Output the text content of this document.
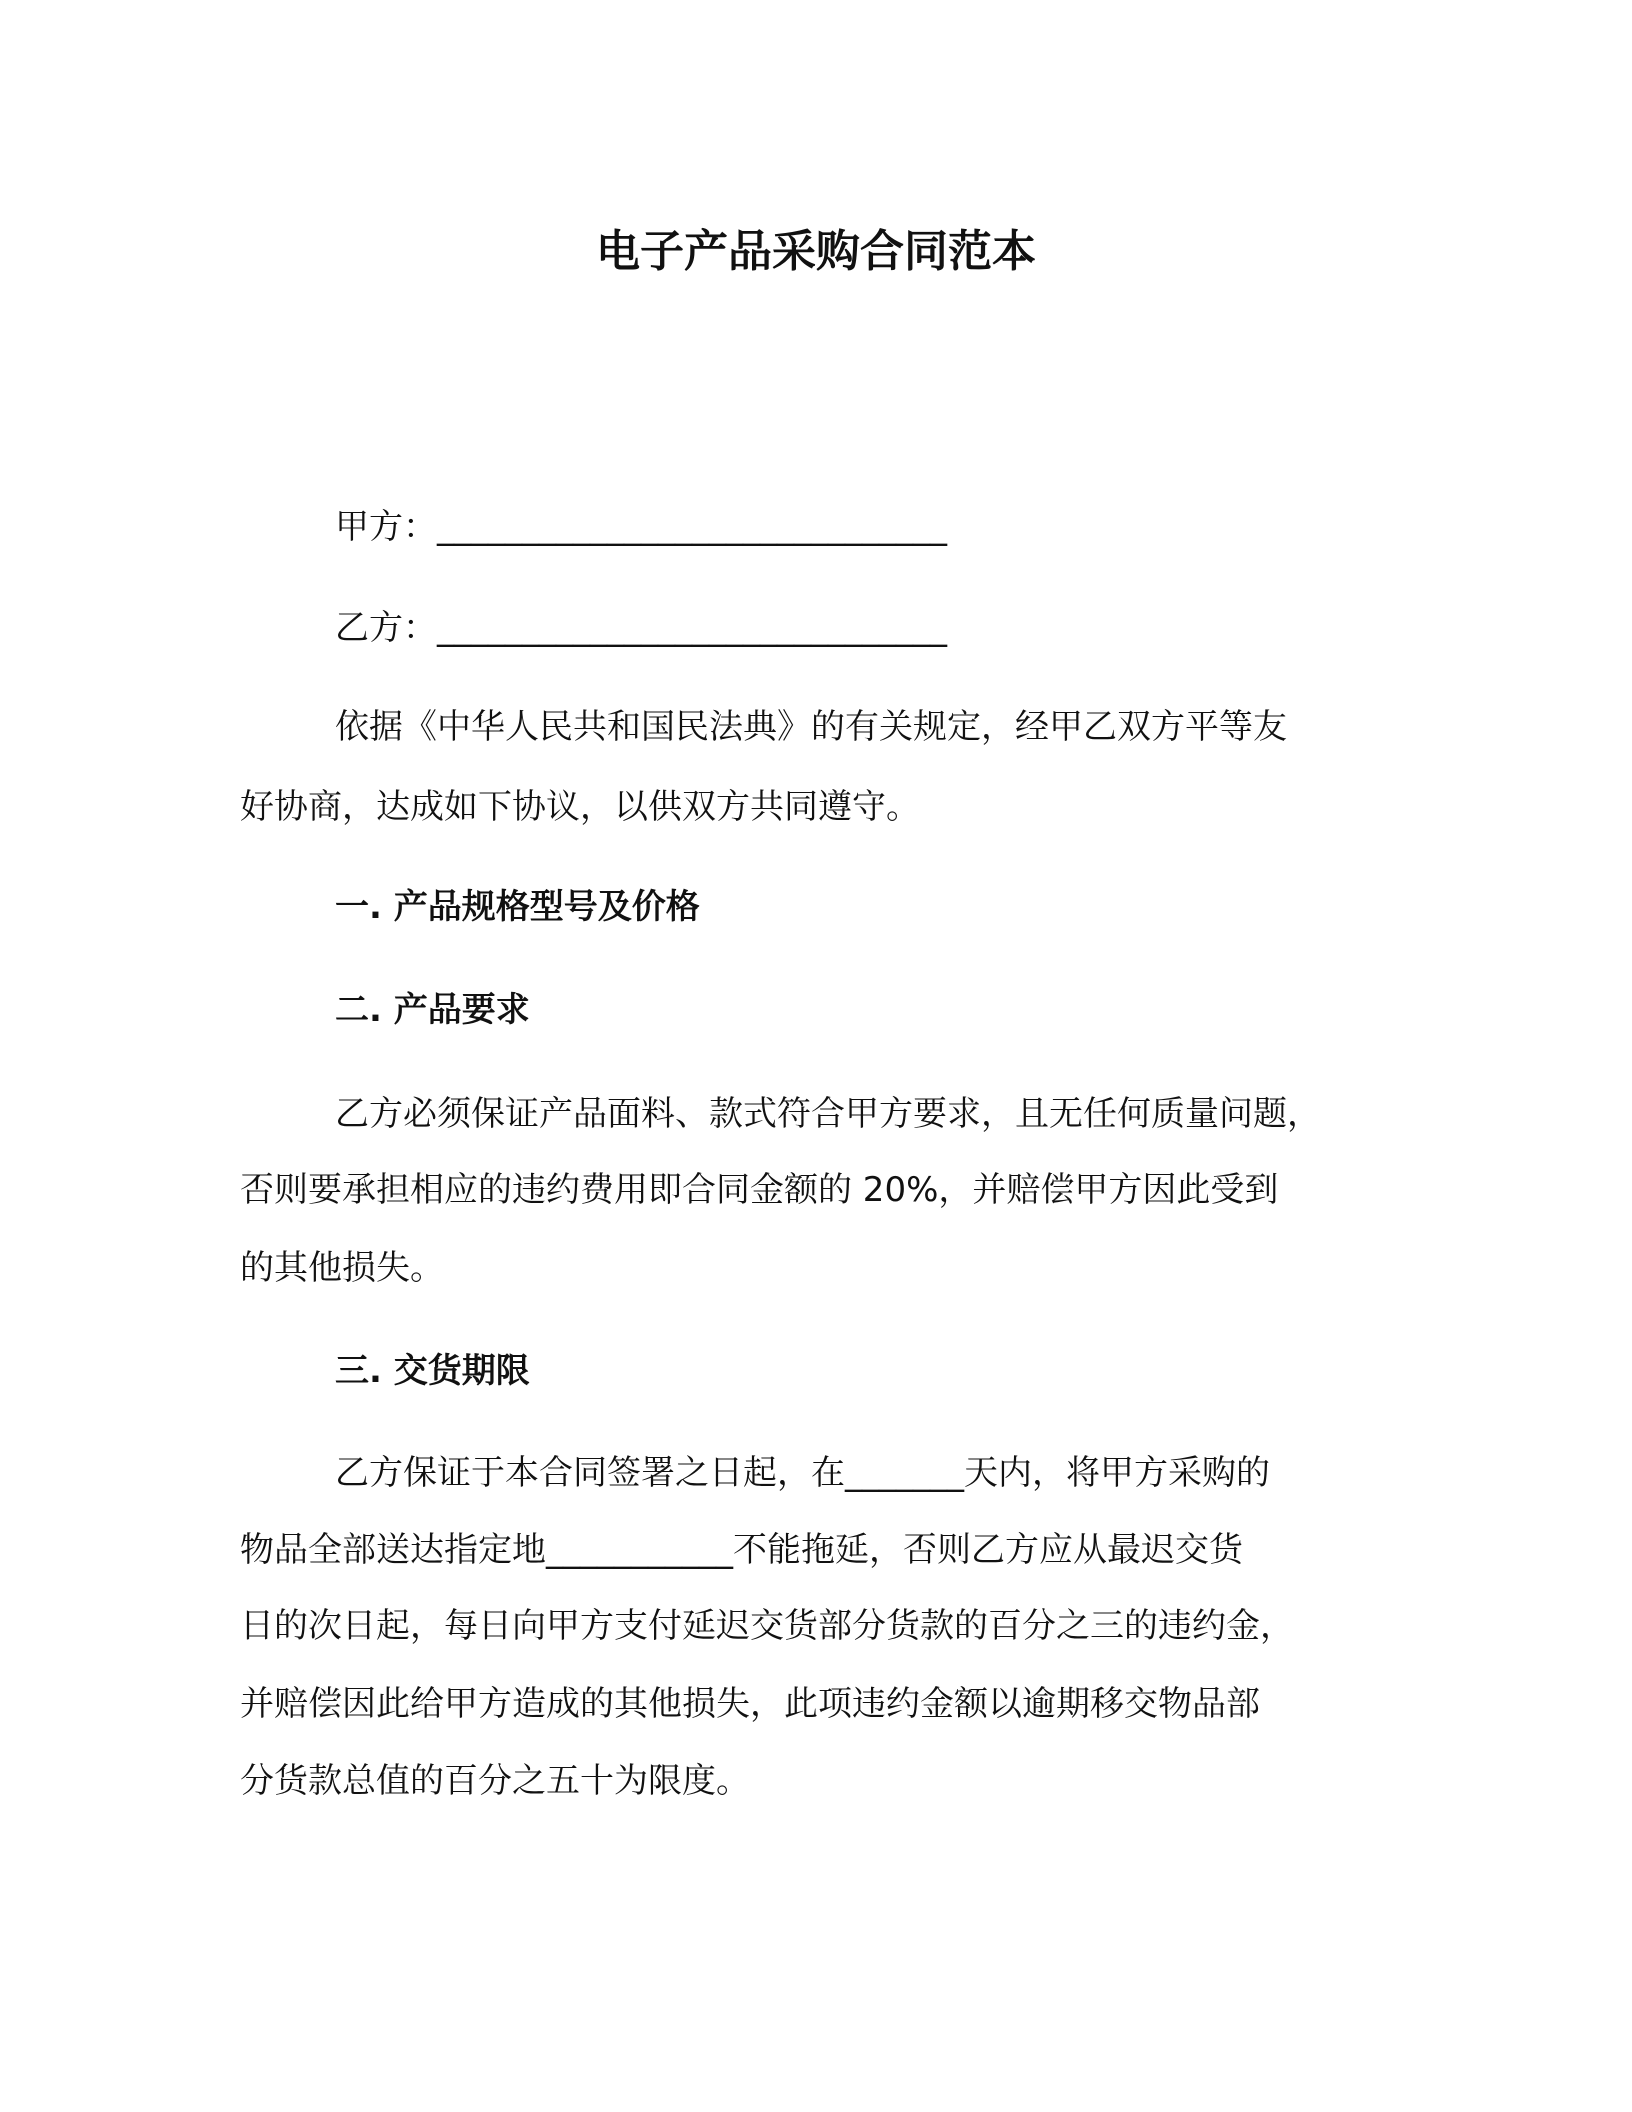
电子产品采购合同范本
甲方：______________________________
乙方：______________________________
依据《中华人民共和国民法典》的有关规定，经甲乙双方平等友
好协商，达成如下协议，以供双方共同遵守。
一. 产品规格型号及价格
二. 产品要求
乙方必须保证产品面料、款式符合甲方要求，且无任何质量问题，
否则要承担相应的违约费用即合同金额的 20%，并赔偿甲方因此受到
的其他损失。
三. 交货期限
乙方保证于本合同签署之日起，在_______天内，将甲方采购的
物品全部送达指定地___________不能拖延，否则乙方应从最迟交货
日的次日起，每日向甲方支付延迟交货部分货款的百分之三的违约金，
并赔偿因此给甲方造成的其他损失，此项违约金额以逾期移交物品部
分货款总值的百分之五十为限度。
